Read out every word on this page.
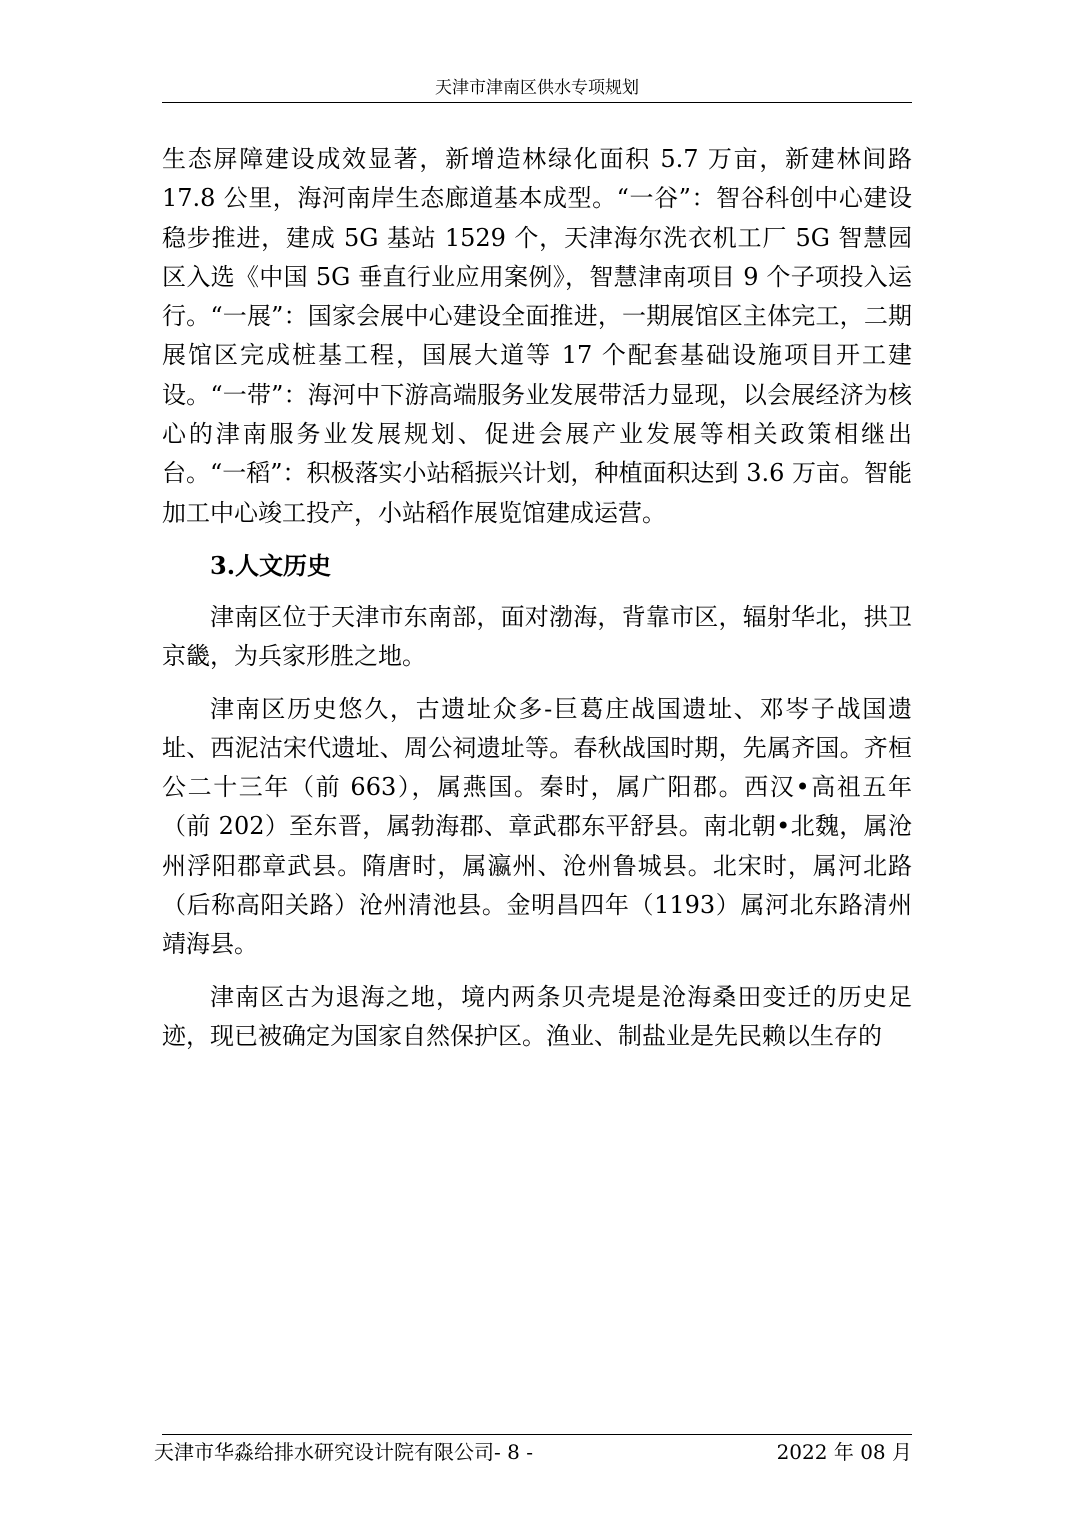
天津市津南区供水专项规划

生态屏障建设成效显著，新增造林绿化面积 5.7 万亩，新建林间路 17.8 公里，海河南岸生态廊道基本成型。“一谷”：智谷科创中心建设稳步推进，建成 5G 基站 1529 个，天津海尔洗衣机工厂 5G 智慧园区入选《中国 5G 垂直行业应用案例》，智慧津南项目 9 个子项投入运行。“一展”：国家会展中心建设全面推进，一期展馆区主体完工，二期展馆区完成桩基工程，国展大道等 17 个配套基础设施项目开工建设。“一带”：海河中下游高端服务业发展带活力显现，以会展经济为核心的津南服务业发展规划、促进会展产业发展等相关政策相继出台。“一稻”：积极落实小站稻振兴计划，种植面积达到 3.6 万亩。智能加工中心竣工投产，小站稻作展览馆建成运营。

3.人文历史

津南区位于天津市东南部，面对渤海，背靠市区，辐射华北，拱卫京畿，为兵家形胜之地。

津南区历史悠久，古遗址众多-巨葛庄战国遗址、邓岑子战国遗址、西泥沽宋代遗址、周公祠遗址等。春秋战国时期，先属齐国。齐桓公二十三年（前 663），属燕国。秦时，属广阳郡。西汉•高祖五年（前 202）至东晋，属勃海郡、章武郡东平舒县。南北朝•北魏，属沧州浮阳郡章武县。隋唐时，属瀛州、沧州鲁城县。北宋时，属河北路（后称高阳关路）沧州清池县。金明昌四年（1193）属河北东路清州靖海县。

津南区古为退海之地，境内两条贝壳堤是沧海桑田变迁的历史足迹，现已被确定为国家自然保护区。渔业、制盐业是先民赖以生存的

天津市华淼给排水研究设计院有限公司- 8 -	2022 年 08 月
